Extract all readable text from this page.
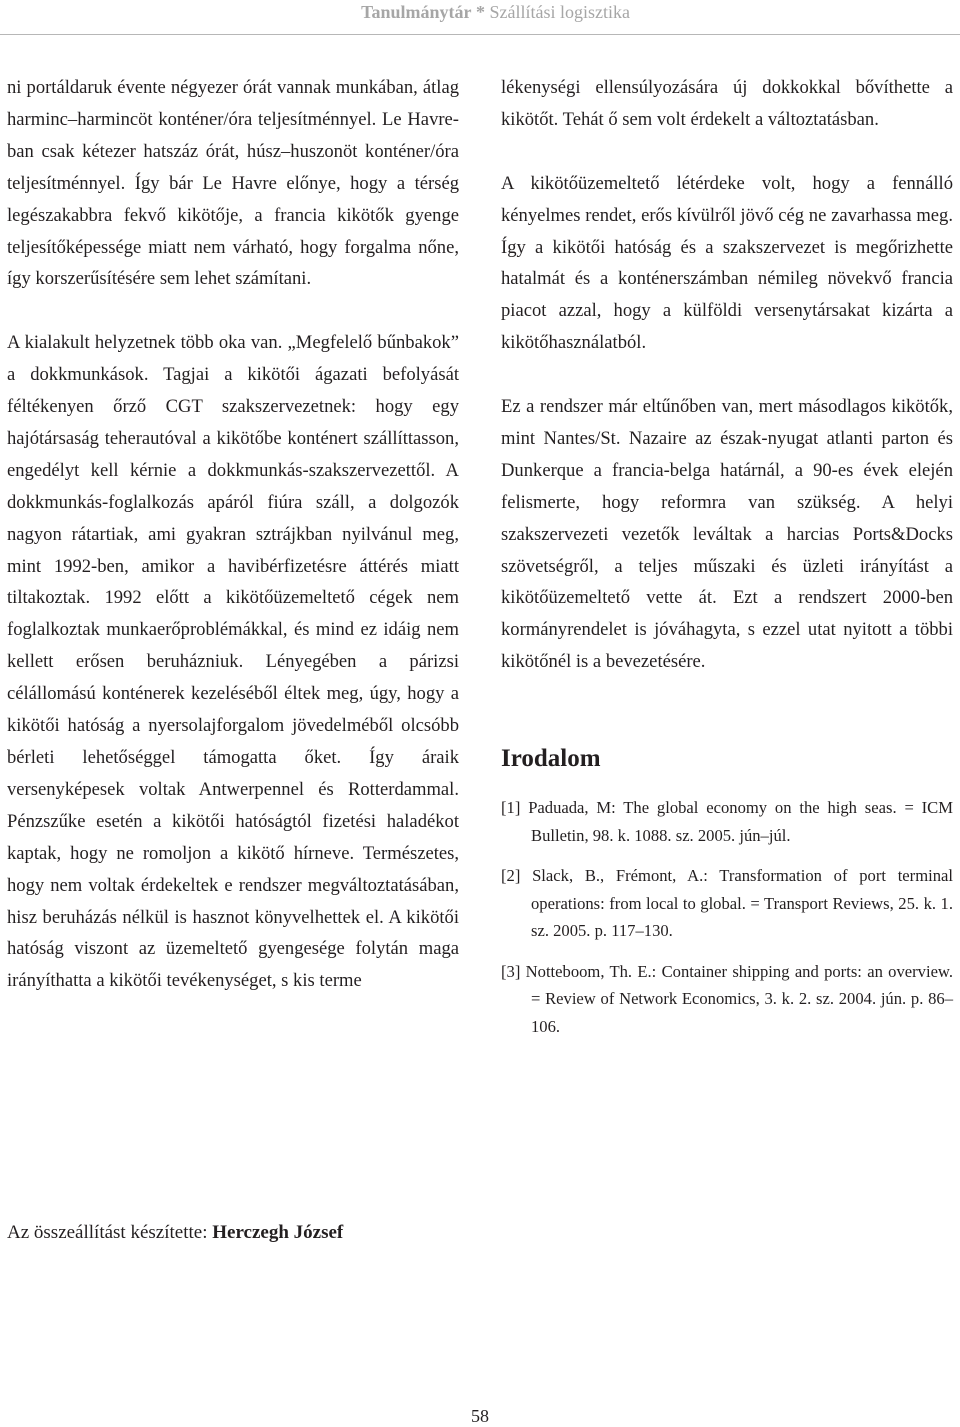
Tanulmánytár * Szállítási logisztika

ni portáldaruk évente négyezer órát vannak munkában, átlag harminc–harmincöt konténer/óra teljesítménnyel. Le Havre-ban csak kétezer hatszáz órát, húsz–huszonöt konténer/óra teljesítménnyel. Így bár Le Havre előnye, hogy a térség legészakabbra fekvő kikötője, a francia kikötők gyenge teljesítőképessége miatt nem várható, hogy forgalma nőne, így korszerűsítésére sem lehet számítani.

A kialakult helyzetnek több oka van. „Megfelelő bűnbakok” a dokkmunkások. Tagjai a kikötői ágazati befolyását féltékenyen őrző CGT szakszervezetnek: hogy egy hajótársaság teherautóval a kikötőbe konténert szállíttasson, engedélyt kell kérnie a dokkmunkás-szakszervezettől. A dokkmunkás-foglalkozás apáról fiúra száll, a dolgozók nagyon rátartiak, ami gyakran sztrájkban nyilvánul meg, mint 1992-ben, amikor a havibérfizetésre áttérés miatt tiltakoztak. 1992 előtt a kikötőüzemeltető cégek nem foglalkoztak munkaerőproblémákkal, és mind ez idáig nem kellett erősen beruházniuk. Lényegében a párizsi célállomású konténerek kezeléséből éltek meg, úgy, hogy a kikötői hatóság a nyersolajforgalom jövedelméből olcsóbb bérleti lehetőséggel támogatta őket. Így áraik versenyképesek voltak Antwerpennel és Rotterdammal. Pénzszűke esetén a kikötői hatóságtól fizetési haladékot kaptak, hogy ne romoljon a kikötő hírneve. Természetes, hogy nem voltak érdekeltek e rendszer megváltoztatásában, hisz beruházás nélkül is hasznot könyvelhettek el. A kikötői hatóság viszont az üzemeltető gyengesége folytán maga irányíthatta a kikötői tevékenységet, s kis terme

lékenységi ellensúlyozására új dokkokkal bővíthette a kikötőt. Tehát ő sem volt érdekelt a változtatásban.

A kikötőüzemeltető létérdeke volt, hogy a fennálló kényelmes rendet, erős kívülről jövő cég ne zavarhassa meg. Így a kikötői hatóság és a szakszervezet is megőrizhette hatalmát és a konténerszámban némileg növekvő francia piacot azzal, hogy a külföldi versenytársakat kizárta a kikötőhasználatból.

Ez a rendszer már eltűnőben van, mert másodlagos kikötők, mint Nantes/St. Nazaire az észak-nyugat atlanti parton és Dunkerque a francia-belga határnál, a 90-es évek elején felismerte, hogy reformra van szükség. A helyi szakszervezeti vezetők leváltak a harcias Ports&Docks szövetségről, a teljes műszaki és üzleti irányítást a kikötőüzemeltető vette át. Ezt a rendszert 2000-ben kormányrendelet is jóváhagyta, s ezzel utat nyitott a többi kikötőnél is a bevezetésére.

Irodalom
[1] Paduada, M: The global economy on the high seas. = ICM Bulletin, 98. k. 1088. sz. 2005. jún–júl.
[2] Slack, B., Frémont, A.: Transformation of port terminal operations: from local to global. = Transport Reviews, 25. k. 1. sz. 2005. p. 117–130.
[3] Notteboom, Th. E.: Container shipping and ports: an overview. = Review of Network Economics, 3. k. 2. sz. 2004. jún. p. 86–106.
Az összeállítást készítette: Herczegh József
58
